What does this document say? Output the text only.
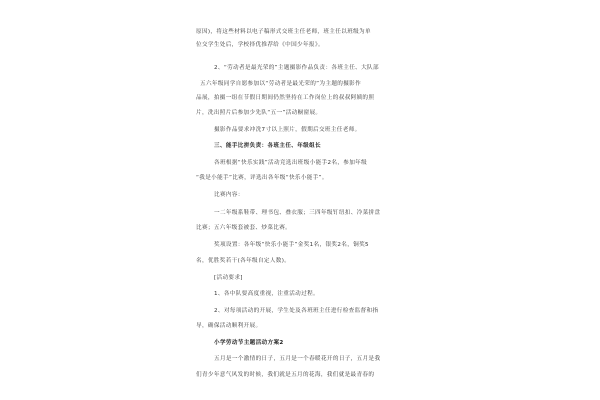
原因)，将这些材料以电子稿形式交班主任老师，班主任以班级为单
位交学生处后，学校择优推荐给《中国少年报》。
2、“劳动者是最光荣的”主题摄影作品负责：各班主任、大队部
五六年级同学自愿参加以“劳动者是最光荣的”为主题的摄影作
品展，拍摄一组在节假日期间仍然坚持在工作岗位上的叔叔阿姨的照
片，洗出照片后参加少先队“五一”活动橱窗展。
摄影作品要求冲洗7寸以上照片，假期后交班主任老师。
三、能手比拼负责：各班主任、年级组长
各班根据“快乐实践”活动竞选出班级小能手2名，参加年级
“我是小能手”比赛，评选出各年级“快乐小能手”。
比赛内容：
一二年级系鞋带、理书包、叠衣服；三四年级钉纽扣、冷菜拼盘
比赛；五六年级套被套、炒菜比赛。
奖项设置：各年级“快乐小能手”金奖1名，银奖2名，铜奖5
名，优胜奖若干(各年级自定人数)。
[活动要求]
1、各中队要高度重视，注重活动过程。
2、对每项活动的开展，学生处及各班班主任进行检查监督和指
导，确保活动顺利开展。
小学劳动节主题活动方案2
五月是一个激情的日子，五月是一个春暖花开的日子，五月是我
们青少年意气风发的时候，我们就是五月的花海，我们就是最青春的
